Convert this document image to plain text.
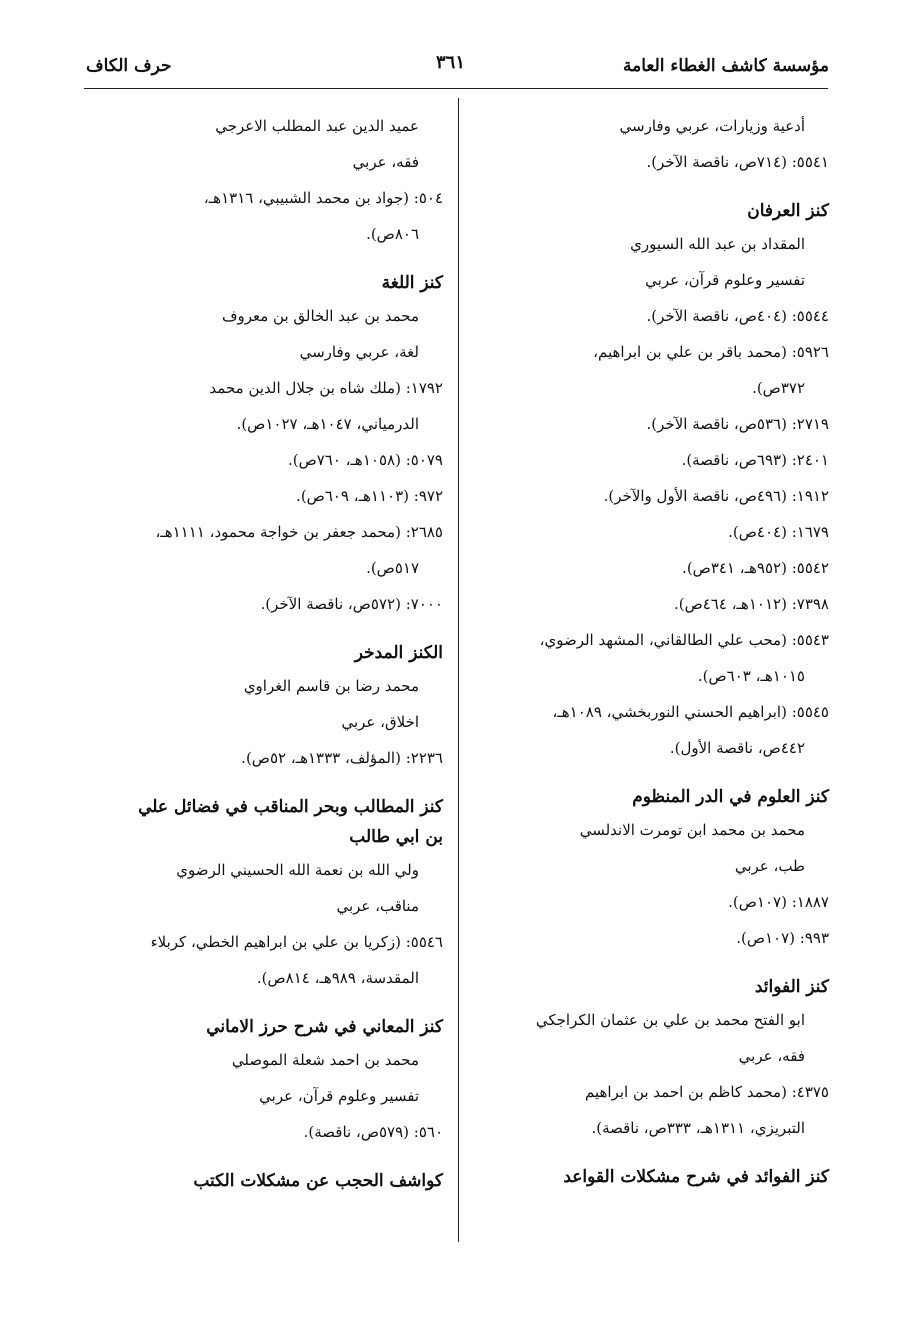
مؤسسة كاشف الغطاء العامة
٣٦١
حرف الكاف
أدعية وزيارات، عربي وفارسي
٥٥٤١: (٧١٤ص، ناقصة الآخر).
كنز العرفان
المقداد بن عبد الله السيوري
تفسير وعلوم قرآن، عربي
٥٥٤٤: (٤٠٤ص، ناقصة الآخر).
٥٩٢٦: (محمد باقر بن علي بن ابراهيم،
٣٧٢ص).
٢٧١٩: (٥٣٦ص، ناقصة الآخر).
٢٤٠١: (٦٩٣ص، ناقصة).
١٩١٢: (٤٩٦ص، ناقصة الأول والآخر).
١٦٧٩: (٤٠٤ص).
٥٥٤٢: (٩٥٢هـ، ٣٤١ص).
٧٣٩٨: (١٠١٢هـ، ٤٦٤ص).
٥٥٤٣: (محب علي الطالقاني، المشهد الرضوي،
١٠١٥هـ، ٦٠٣ص).
٥٥٤٥: (ابراهيم الحسني النوربخشي، ١٠٨٩هـ،
٤٤٢ص، ناقصة الأول).
كنز العلوم في الدر المنظوم
محمد بن محمد ابن تومرت الاندلسي
طب، عربي
١٨٨٧: (١٠٧ص).
٩٩٣: (١٠٧ص).
كنز الفوائد
ابو الفتح محمد بن علي بن عثمان الكراجكي
فقه، عربي
٤٣٧٥: (محمد كاظم بن احمد بن ابراهيم
التبريزي، ١٣١١هـ، ٣٣٣ص، ناقصة).
كنز الفوائد في شرح مشكلات القواعد
عميد الدين عبد المطلب الاعرجي
فقه، عربي
٥٠٤: (جواد بن محمد الشبيبي، ١٣١٦هـ،
٨٠٦ص).
كنز اللغة
محمد بن عبد الخالق بن معروف
لغة، عربي وفارسي
١٧٩٢: (ملك شاه بن جلال الدين محمد
الدرمياني، ١٠٤٧هـ، ١٠٢٧ص).
٥٠٧٩: (١٠٥٨هـ، ٧٦٠ص).
٩٧٢: (١١٠٣هـ، ٦٠٩ص).
٢٦٨٥: (محمد جعفر بن خواجة محمود، ١١١١هـ،
٥١٧ص).
٧٠٠٠: (٥٧٢ص، ناقصة الآخر).
الكنز المدخر
محمد رضا بن قاسم الغراوي
اخلاق، عربي
٢٢٣٦: (المؤلف، ١٣٣٣هـ، ٥٢ص).
كنز المطالب وبحر المناقب في فضائل علي
بن ابي طالب
ولي الله بن نعمة الله الحسيني الرضوي
مناقب، عربي
٥٥٤٦: (زكريا بن علي بن ابراهيم الخطي، كربلاء
المقدسة، ٩٨٩هـ، ٨١٤ص).
كنز المعاني في شرح حرز الاماني
محمد بن احمد شعلة الموصلي
تفسير وعلوم قرآن، عربي
٥٦٠: (٥٧٩ص، ناقصة).
كواشف الحجب عن مشكلات الكتب
